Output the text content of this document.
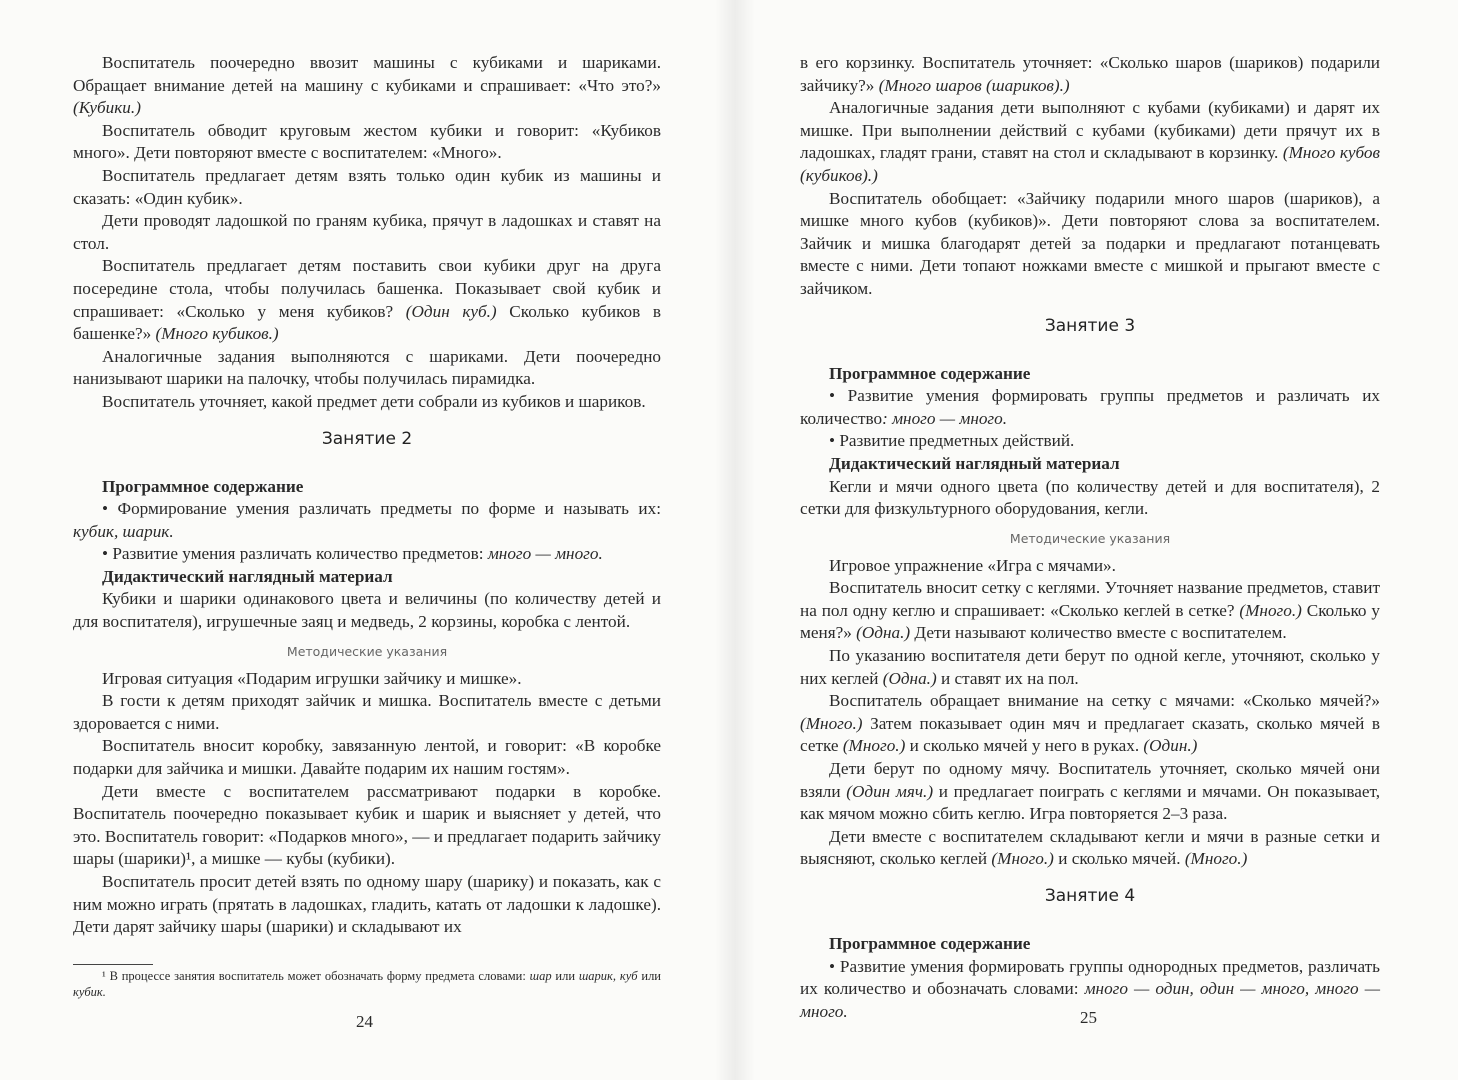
Воспитатель поочередно ввозит машины с кубиками и шариками. Обращает внимание детей на машину с кубиками и спрашивает: «Что это?» (Кубики.)
Воспитатель обводит круговым жестом кубики и говорит: «Кубиков много». Дети повторяют вместе с воспитателем: «Много».
Воспитатель предлагает детям взять только один кубик из машины и сказать: «Один кубик».
Дети проводят ладошкой по граням кубика, прячут в ладошках и ставят на стол.
Воспитатель предлагает детям поставить свои кубики друг на друга посередине стола, чтобы получилась башенка. Показывает свой кубик и спрашивает: «Сколько у меня кубиков? (Один куб.) Сколько кубиков в башенке?» (Много кубиков.)
Аналогичные задания выполняются с шариками. Дети поочередно нанизывают шарики на палочку, чтобы получилась пирамидка.
Воспитатель уточняет, какой предмет дети собрали из кубиков и шариков.
Занятие 2
Программное содержание
• Формирование умения различать предметы по форме и называть их: кубик, шарик.
• Развитие умения различать количество предметов: много — много.
Дидактический наглядный материал
Кубики и шарики одинакового цвета и величины (по количеству детей и для воспитателя), игрушечные заяц и медведь, 2 корзины, коробка с лентой.
Методические указания
Игровая ситуация «Подарим игрушки зайчику и мишке».
В гости к детям приходят зайчик и мишка. Воспитатель вместе с детьми здоровается с ними.
Воспитатель вносит коробку, завязанную лентой, и говорит: «В коробке подарки для зайчика и мишки. Давайте подарим их нашим гостям».
Дети вместе с воспитателем рассматривают подарки в коробке. Воспитатель поочередно показывает кубик и шарик и выясняет у детей, что это. Воспитатель говорит: «Подарков много», — и предлагает подарить зайчику шары (шарики)¹, а мишке — кубы (кубики).
Воспитатель просит детей взять по одному шару (шарику) и показать, как с ним можно играть (прятать в ладошках, гладить, катать от ладошки к ладошке). Дети дарят зайчику шары (шарики) и складывают их
в его корзинку. Воспитатель уточняет: «Сколько шаров (шариков) подарили зайчику?» (Много шаров (шариков).)
Аналогичные задания дети выполняют с кубами (кубиками) и дарят их мишке. При выполнении действий с кубами (кубиками) дети прячут их в ладошках, гладят грани, ставят на стол и складывают в корзинку. (Много кубов (кубиков).)
Воспитатель обобщает: «Зайчику подарили много шаров (шариков), а мишке много кубов (кубиков)». Дети повторяют слова за воспитателем. Зайчик и мишка благодарят детей за подарки и предлагают потанцевать вместе с ними. Дети топают ножками вместе с мишкой и прыгают вместе с зайчиком.
Занятие 3
Программное содержание
• Развитие умения формировать группы предметов и различать их количество: много — много.
• Развитие предметных действий.
Дидактический наглядный материал
Кегли и мячи одного цвета (по количеству детей и для воспитателя), 2 сетки для физкультурного оборудования, кегли.
Методические указания
Игровое упражнение «Игра с мячами».
Воспитатель вносит сетку с кеглями. Уточняет название предметов, ставит на пол одну кеглю и спрашивает: «Сколько кеглей в сетке? (Много.) Сколько у меня?» (Одна.) Дети называют количество вместе с воспитателем.
По указанию воспитателя дети берут по одной кегле, уточняют, сколько у них кеглей (Одна.) и ставят их на пол.
Воспитатель обращает внимание на сетку с мячами: «Сколько мячей?» (Много.) Затем показывает один мяч и предлагает сказать, сколько мячей в сетке (Много.) и сколько мячей у него в руках. (Один.)
Дети берут по одному мячу. Воспитатель уточняет, сколько мячей они взяли (Один мяч.) и предлагает поиграть с кеглями и мячами. Он показывает, как мячом можно сбить кеглю. Игра повторяется 2–3 раза.
Дети вместе с воспитателем складывают кегли и мячи в разные сетки и выясняют, сколько кеглей (Много.) и сколько мячей. (Много.)
Занятие 4
Программное содержание
• Развитие умения формировать группы однородных предметов, различать их количество и обозначать словами: много — один, один — много, много — много.
¹ В процессе занятия воспитатель может обозначать форму предмета словами: шар или шарик, куб или кубик.
24	25
